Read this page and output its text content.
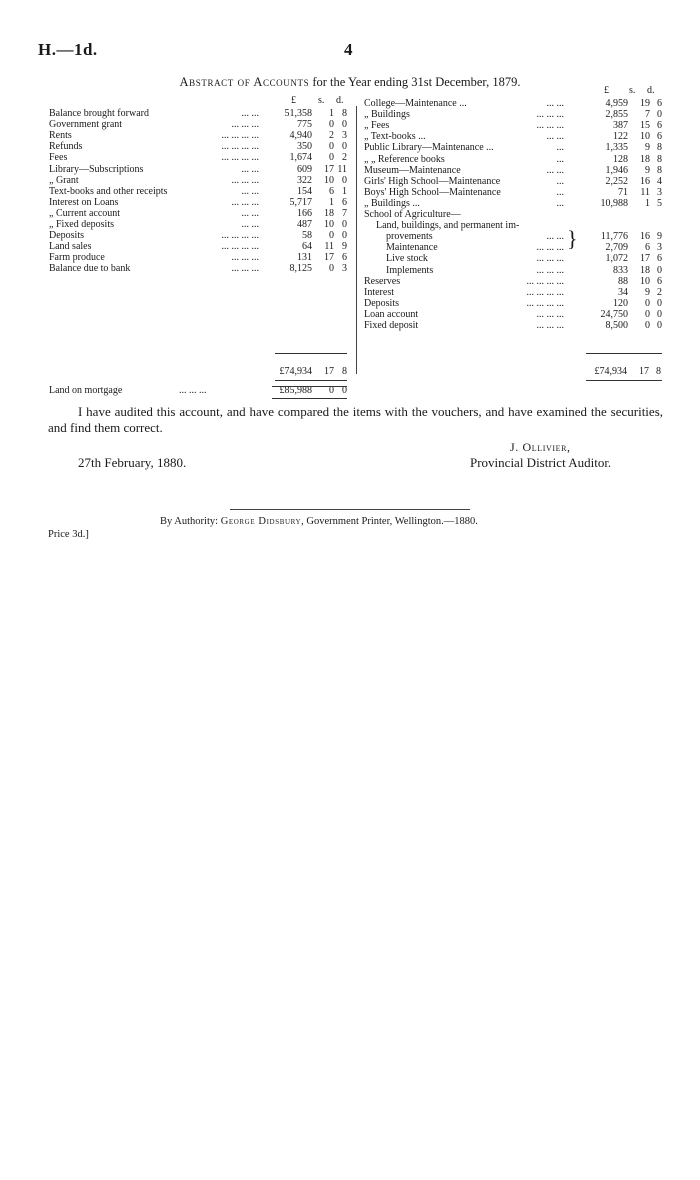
H.—1d.	4
Abstract of Accounts for the Year ending 31st December, 1879.
£ s. d.
£ s. d.
Balance brought forward	... ...	51,358 1 8
Government grant	... ... ...	775 0 0
Rents	... ... ... ...	4,940 2 3
Refunds	... ... ... ...	350 0 0
Fees	... ... ... ...	1,674 0 2
Library—Subscriptions	... ...	609 17 11
„ Grant	... ... ...	322 10 0
Text-books and other receipts	... ...	154 6 1
Interest on Loans	... ... ...	5,717 1 6
„ Current account	... ...	166 18 7
„ Fixed deposits	... ...	487 10 0
Deposits	... ... ... ...	58 0 0
Land sales	... ... ... ...	64 11 9
Farm produce	... ... ...	131 17 6
Balance due to bank	... ... ...	8,125 0 3
College—Maintenance ...	... ...	4,959 19 6
„ Buildings	... ... ...	2,855 7 0
„ Fees	... ... ...	387 15 6
„ Text-books ...	... ...	122 10 6
Public Library—Maintenance ...	...	1,335 9 8
„ „ Reference books	...	128 18 8
Museum—Maintenance	... ...	1,946 9 8
Girls' High School—Maintenance	...	2,252 16 4
Boys' High School—Maintenance	...	71 11 3
„ Buildings ...	...	10,988 1 5
School of Agriculture—
Land, buildings, and permanent im-
provements	... ...	11,776 16 9
Maintenance	... ... ...	2,709 6 3
Live stock	... ... ...	1,072 17 6
Implements	... ... ...	833 18 0
Reserves	... ... ... ...	88 10 6
Interest	... ... ... ...	34 9 2
Deposits	... ... ... ...	120 0 0
Loan account	... ... ...	24,750 0 0
Fixed deposit	... ... ...	8,500 0 0
}
£74,934 17 8	£74,934 17 8
Land on mortgage	... ... ...	£85,988 0 0
I have audited this account, and have compared the items with the vouchers, and have examined the securities, and find them correct.
J. Ollivier,
27th February, 1880.	Provincial District Auditor.
By Authority: George Didsbury, Government Printer, Wellington.—1880.
Price 3d.]
